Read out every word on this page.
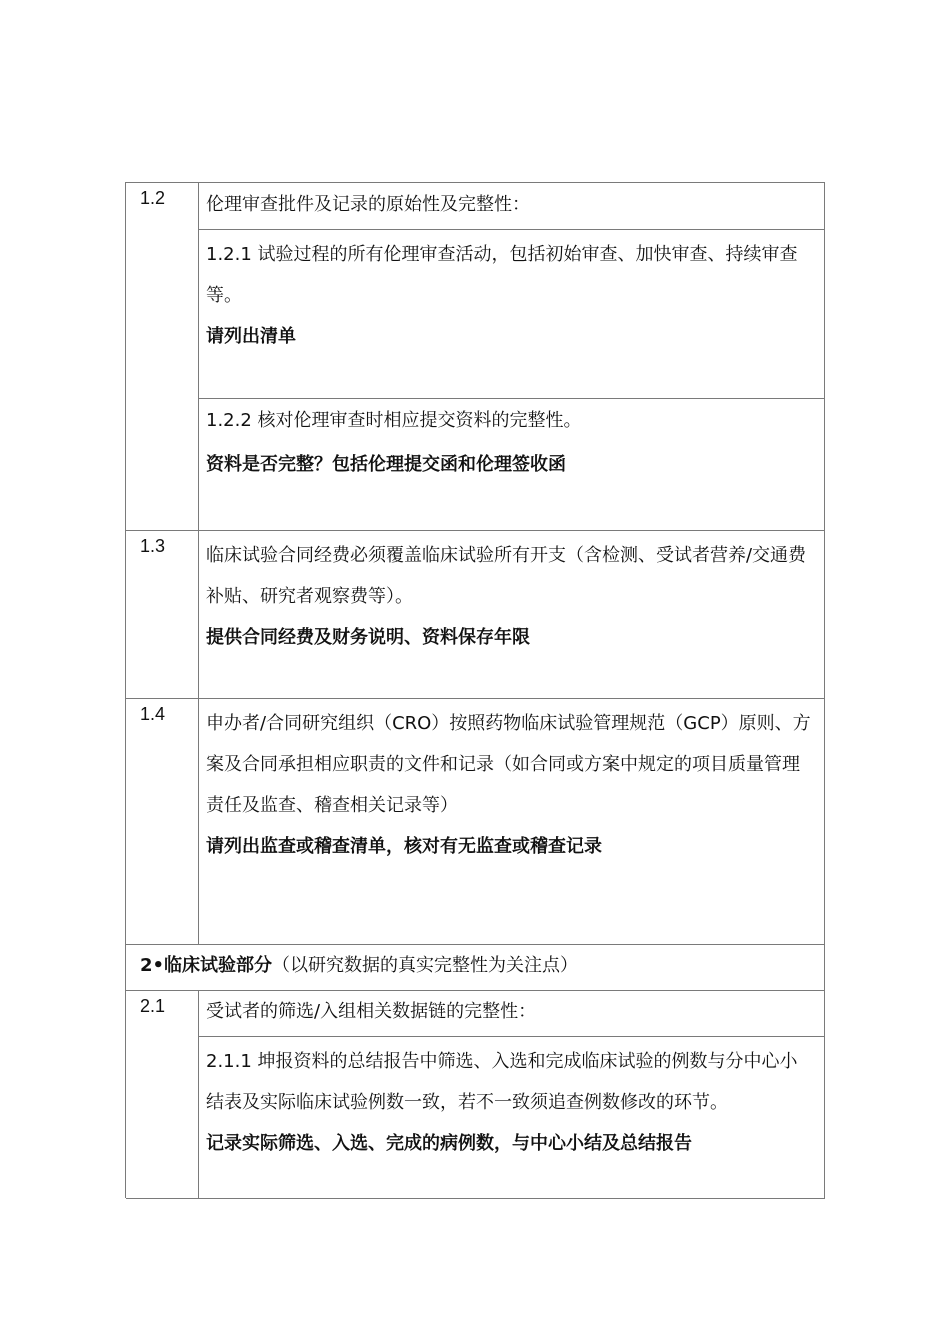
1.2	伦理审查批件及记录的原始性及完整性：

1.2.1 试验过程的所有伦理审查活动，包括初始审查、加快审查、持续审查等。

请列出清单

1.2.2 核对伦理审查时相应提交资料的完整性。

资料是否完整？包括伦理提交函和伦理签收函

1.3	临床试验合同经费必须覆盖临床试验所有开支（含检测、受试者营养/交通费补贴、研究者观察费等）。

提供合同经费及财务说明、资料保存年限

1.4	申办者/合同研究组织（CRO）按照药物临床试验管理规范（GCP）原则、方案及合同承担相应职责的文件和记录（如合同或方案中规定的项目质量管理责任及监查、稽查相关记录等）

请列出监查或稽查清单，核对有无监查或稽查记录

2•临床试验部分（以研究数据的真实完整性为关注点）
2.1	受试者的筛选/入组相关数据链的完整性：

2.1.1 坤报资料的总结报告中筛选、入选和完成临床试验的例数与分中心小结表及实际临床试验例数一致，若不一致须追查例数修改的环节。

记录实际筛选、入选、完成的病例数，与中心小结及总结报告
